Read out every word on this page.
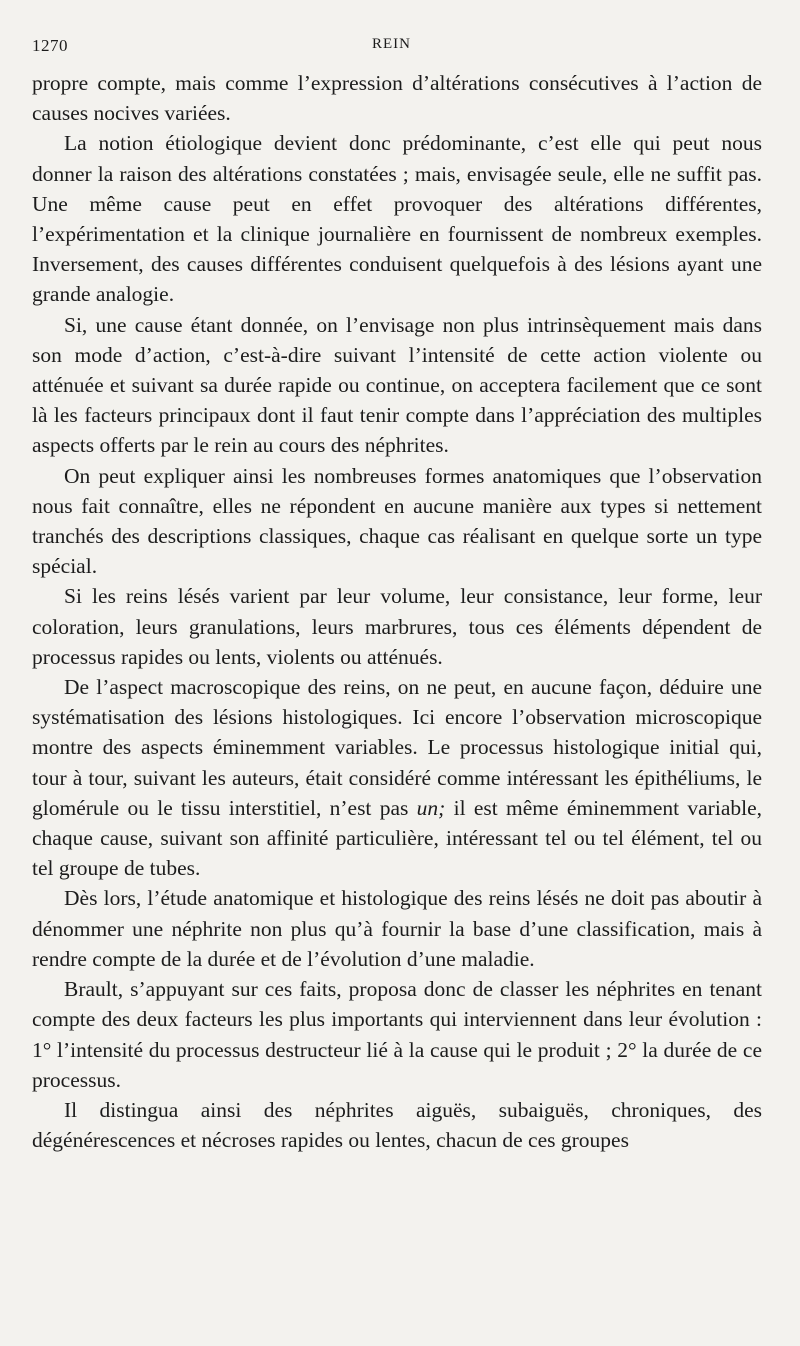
1270	REIN

propre compte, mais comme l’expression d’altérations consécutives à l’action de causes nocives variées.

La notion étiologique devient donc prédominante, c’est elle qui peut nous donner la raison des altérations constatées ; mais, envisagée seule, elle ne suffit pas. Une même cause peut en effet provoquer des altérations différentes, l’expérimentation et la clinique journalière en fournissent de nombreux exemples. Inversement, des causes différentes conduisent quelquefois à des lésions ayant une grande analogie.

Si, une cause étant donnée, on l’envisage non plus intrinsèquement mais dans son mode d’action, c’est-à-dire suivant l’intensité de cette action violente ou atténuée et suivant sa durée rapide ou continue, on acceptera facilement que ce sont là les facteurs principaux dont il faut tenir compte dans l’appréciation des multiples aspects offerts par le rein au cours des néphrites.

On peut expliquer ainsi les nombreuses formes anatomiques que l’observation nous fait connaître, elles ne répondent en aucune manière aux types si nettement tranchés des descriptions classiques, chaque cas réalisant en quelque sorte un type spécial.

Si les reins lésés varient par leur volume, leur consistance, leur forme, leur coloration, leurs granulations, leurs marbrures, tous ces éléments dépendent de processus rapides ou lents, violents ou atténués.

De l’aspect macroscopique des reins, on ne peut, en aucune façon, déduire une systématisation des lésions histologiques. Ici encore l’observation microscopique montre des aspects éminemment variables. Le processus histologique initial qui, tour à tour, suivant les auteurs, était considéré comme intéressant les épithéliums, le glomérule ou le tissu interstitiel, n’est pas un; il est même éminemment variable, chaque cause, suivant son affinité particulière, intéressant tel ou tel élément, tel ou tel groupe de tubes.

Dès lors, l’étude anatomique et histologique des reins lésés ne doit pas aboutir à dénommer une néphrite non plus qu’à fournir la base d’une classification, mais à rendre compte de la durée et de l’évolution d’une maladie.

Brault, s’appuyant sur ces faits, proposa donc de classer les néphrites en tenant compte des deux facteurs les plus importants qui interviennent dans leur évolution : 1° l’intensité du processus destructeur lié à la cause qui le produit ; 2° la durée de ce processus.

Il distingua ainsi des néphrites aiguës, subaiguës, chroniques, des dégénérescences et nécroses rapides ou lentes, chacun de ces groupes
